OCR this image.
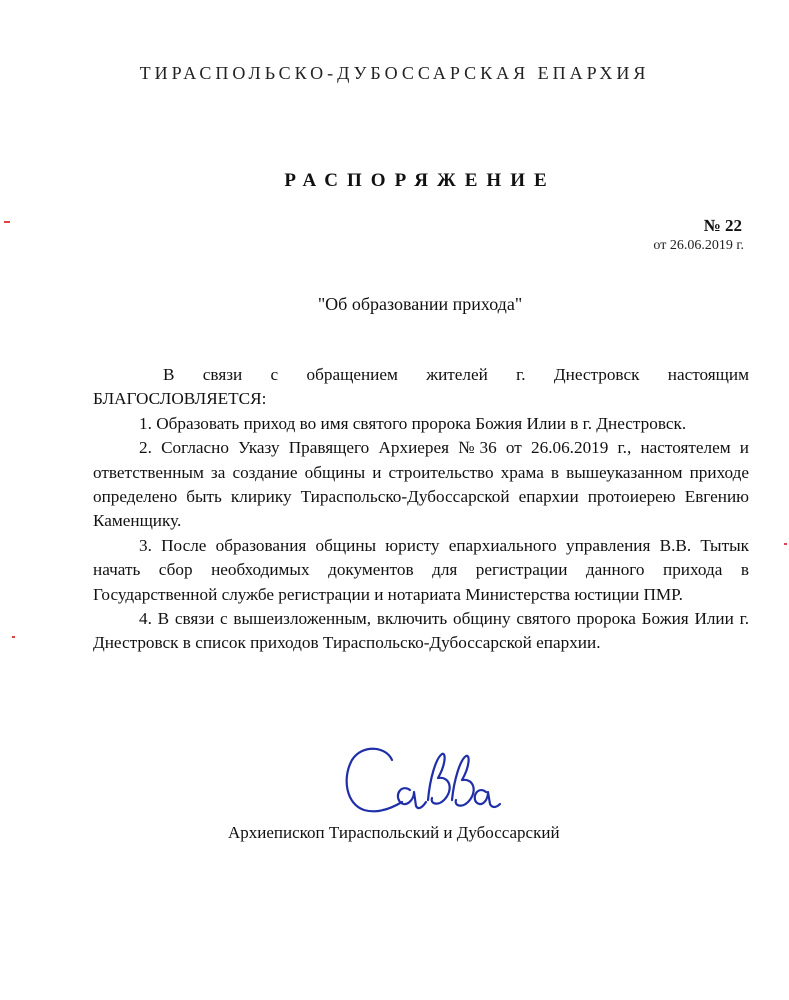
ТИРАСПОЛЬСКО-ДУБОССАРСКАЯ ЕПАРХИЯ
РАСПОРЯЖЕНИЕ
№ 22
от 26.06.2019 г.
"Об образовании прихода"

В связи с обращением жителей г. Днестровск настоящим БЛАГОСЛОВЛЯЕТСЯ:

1. Образовать приход во имя святого пророка Божия Илии в г. Днестровск.

2. Согласно Указу Правящего Архиерея №36 от 26.06.2019 г., настоятелем и ответственным за создание общины и строительство храма в вышеуказанном приходе определено быть клирику Тираспольско-Дубоссарской епархии протоиерею Евгению Каменщику.

3. После образования общины юристу епархиального управления В.В. Тытык начать сбор необходимых документов для регистрации данного прихода в Государственной службе регистрации и нотариата Министерства юстиции ПМР.

4. В связи с вышеизложенным, включить общину святого пророка Божия Илии г. Днестровск в список приходов Тираспольско-Дубоссарской епархии.

Архиепископ Тираспольский и Дубоссарский
